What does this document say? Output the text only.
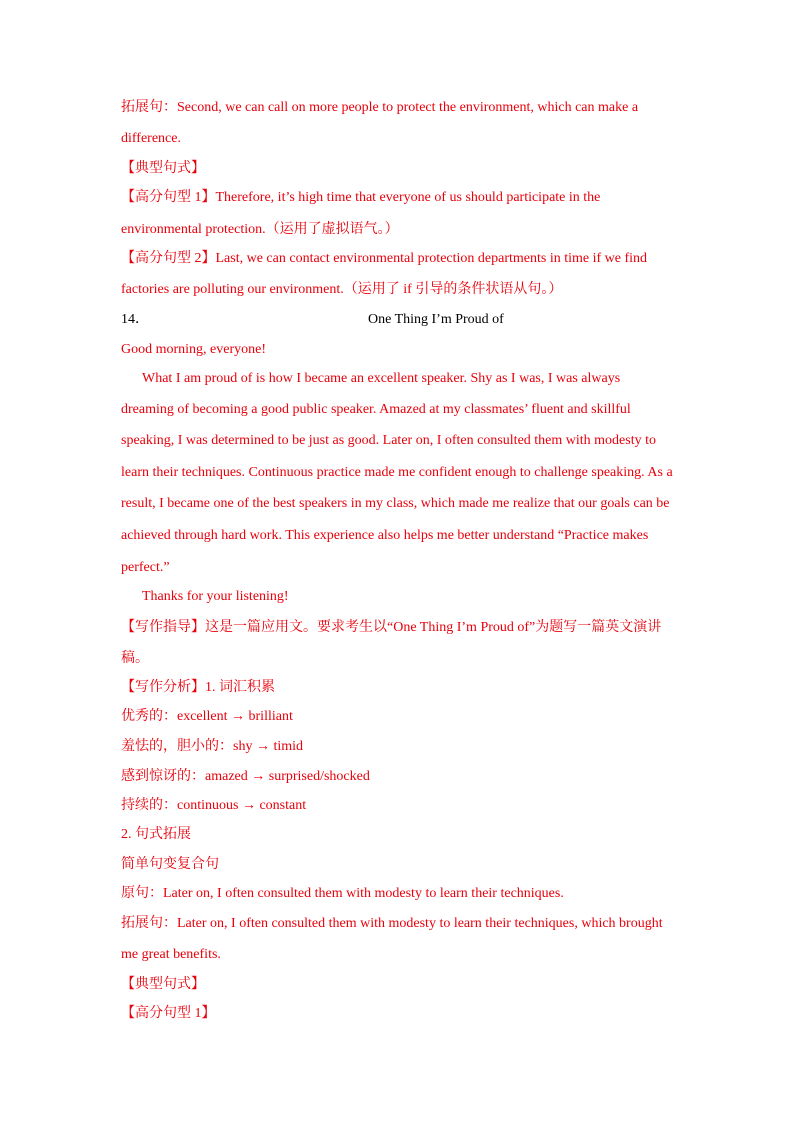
拓展句：Second, we can call on more people to protect the environment, which can make a
difference.
【典型句式】
【高分句型 1】Therefore, it’s high time that everyone of us should participate in the
environmental protection.（运用了虚拟语气。）
【高分句型 2】Last, we can contact environmental protection departments in time if we find
factories are polluting our environment.（运用了 if 引导的条件状语从句。）
14．	One Thing I’m Proud of
Good morning, everyone!
What I am proud of is how I became an excellent speaker. Shy as I was, I was always
dreaming of becoming a good public speaker. Amazed at my classmates’ fluent and skillful
speaking, I was determined to be just as good. Later on, I often consulted them with modesty to
learn their techniques. Continuous practice made me confident enough to challenge speaking. As a
result, I became one of the best speakers in my class, which made me realize that our goals can be
achieved through hard work. This experience also helps me better understand “Practice makes
perfect.”
Thanks for your listening!
【写作指导】这是一篇应用文。要求考生以“One Thing I’m Proud of”为题写一篇英文演讲
稿。
【写作分析】1. 词汇积累
优秀的：excellent → brilliant
羞怯的，胆小的：shy → timid
感到惊讶的：amazed → surprised/shocked
持续的：continuous → constant
2. 句式拓展
简单句变复合句
原句：Later on, I often consulted them with modesty to learn their techniques.
拓展句：Later on, I often consulted them with modesty to learn their techniques, which brought
me great benefits.
【典型句式】
【高分句型 1】
